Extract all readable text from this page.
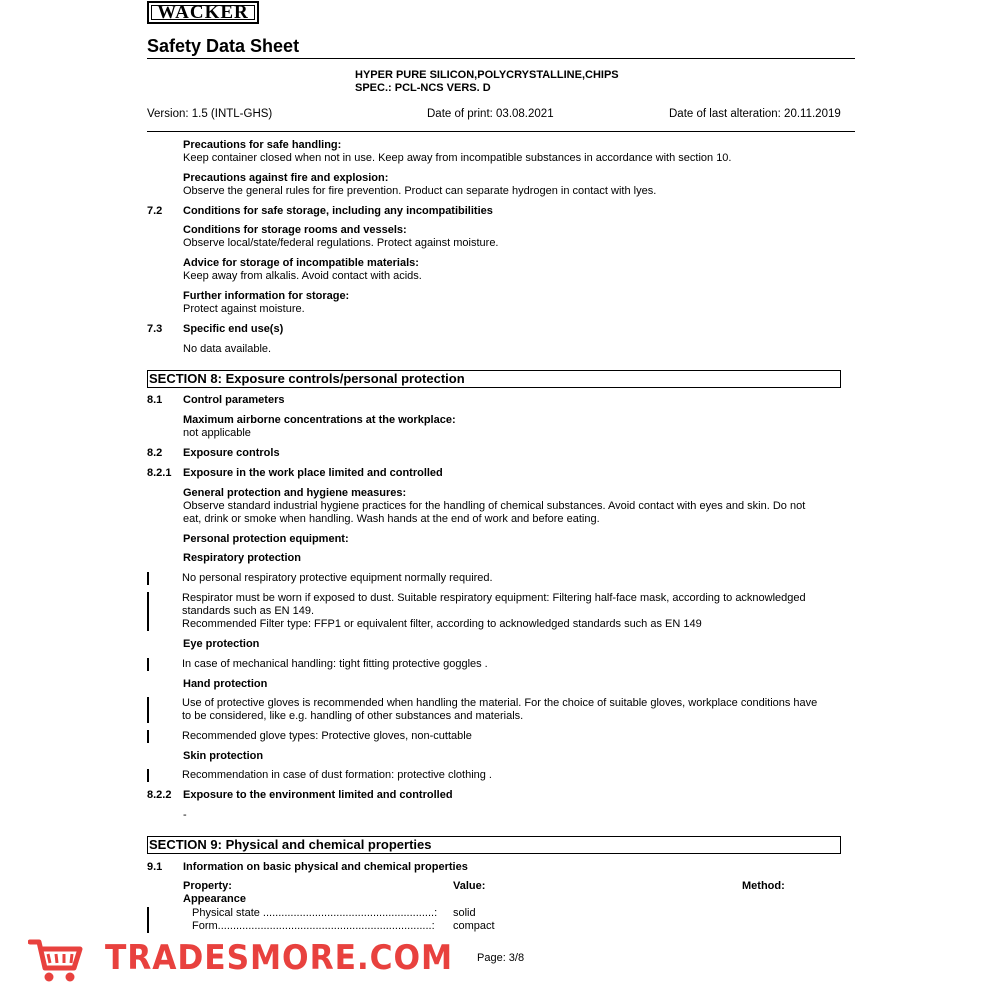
WACKER
Safety Data Sheet
HYPER PURE SILICON,POLYCRYSTALLINE,CHIPS
SPEC.: PCL-NCS VERS. D
Version: 1.5 (INTL-GHS)	Date of print: 03.08.2021	Date of last alteration: 20.11.2019
Precautions for safe handling:
Keep container closed when not in use. Keep away from incompatible substances in accordance with section 10.
Precautions against fire and explosion:
Observe the general rules for fire prevention. Product can separate hydrogen in contact with lyes.
7.2 Conditions for safe storage, including any incompatibilities
Conditions for storage rooms and vessels:
Observe local/state/federal regulations. Protect against moisture.
Advice for storage of incompatible materials:
Keep away from alkalis. Avoid contact with acids.
Further information for storage:
Protect against moisture.
7.3 Specific end use(s)
No data available.
SECTION 8: Exposure controls/personal protection
8.1 Control parameters
Maximum airborne concentrations at the workplace:
not applicable
8.2 Exposure controls
8.2.1 Exposure in the work place limited and controlled
General protection and hygiene measures:
Observe standard industrial hygiene practices for the handling of chemical substances. Avoid contact with eyes and skin. Do not
eat, drink or smoke when handling. Wash hands at the end of work and before eating.
Personal protection equipment:
Respiratory protection
No personal respiratory protective equipment normally required.
Respirator must be worn if exposed to dust. Suitable respiratory equipment: Filtering half-face mask, according to acknowledged
standards such as EN 149.
Recommended Filter type: FFP1 or equivalent filter, according to acknowledged standards such as EN 149
Eye protection
In case of mechanical handling: tight fitting protective goggles .
Hand protection
Use of protective gloves is recommended when handling the material. For the choice of suitable gloves, workplace conditions have
to be considered, like e.g. handling of other substances and materials.
Recommended glove types: Protective gloves, non-cuttable
Skin protection
Recommendation in case of dust formation: protective clothing .
8.2.2 Exposure to the environment limited and controlled
-
SECTION 9: Physical and chemical properties
9.1 Information on basic physical and chemical properties
Property:	Value:	Method:
Appearance
Physical state ........................................................: solid
Form......................................................................: compact
TRADESMORE.COM Page: 3/8
